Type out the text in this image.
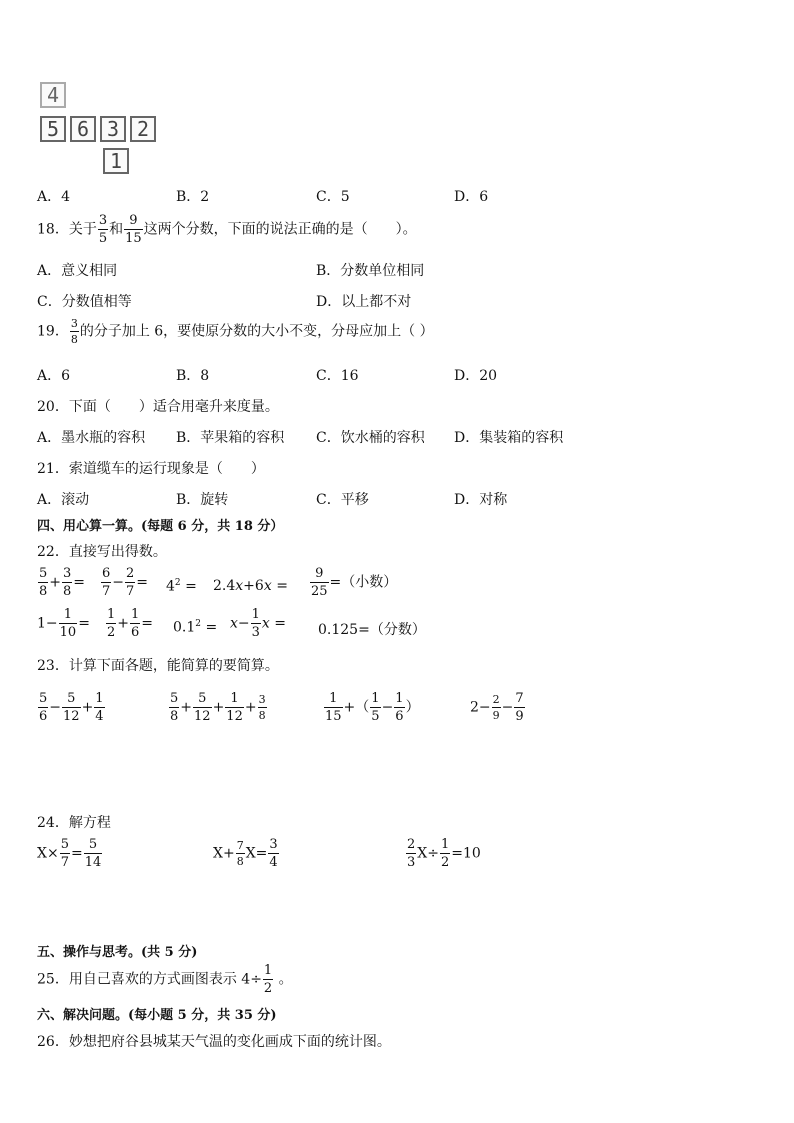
4
5 6 3 2
1
A．4	B．2	C．5	D．6
18．关于 $\frac{3}{5}$ 和 $\frac{9}{15}$ 这两个分数，下面的说法正确的是（　　）。
A．意义相同	B．分数单位相同
C．分数值相等	D．以上都不对
19． $\frac{3}{8}$ 的分子加上 6，要使原分数的大小不变，分母应加上（ ）
A．6	B．8	C．16	D．20
20．下面（　　）适合用毫升来度量。
A．墨水瓶的容积 B．苹果箱的容积 C．饮水桶的容积 D．集装箱的容积
21．索道缆车的运行现象是（　　）
A．滚动	B．旋转	C．平移	D．对称
四、用心算一算。(每题 6 分，共 18 分）
22．直接写出得数。
$\frac{5}{8} + \frac{3}{8} = \frac{6}{7} - \frac{2}{7} = 4^2 = 2.4x+6x = \frac{9}{25}$ =（小数）
$1- \frac{1}{10} = \frac{1}{2} + \frac{1}{6} = 0.1^2 = x- \frac{1}{3}$ x = 0.125=（分数）
23．计算下面各题，能简算的要简算。
$\frac{5}{6} - \frac{5}{12} + \frac{1}{4}$	$\frac{5}{8} + \frac{5}{12} + \frac{1}{12} + \frac{3}{8}$	$\frac{1}{15}$ +（ $\frac{1}{5} - \frac{1}{6}$ ）	$2- \frac{2}{9} - \frac{7}{9}$
24．解方程
$X\times \frac{5}{7} = \frac{5}{14}$	$X+ \frac{7}{8} X= \frac{3}{4}$	$\frac{2}{3} X\div \frac{1}{2} =10$
五、操作与思考。(共 5 分)
25．用自己喜欢的方式画图表示 $4\div \frac{1}{2}$ 。
六、解决问题。(每小题 5 分，共 35 分)
26．妙想把府谷县城某天气温的变化画成下面的统计图。
